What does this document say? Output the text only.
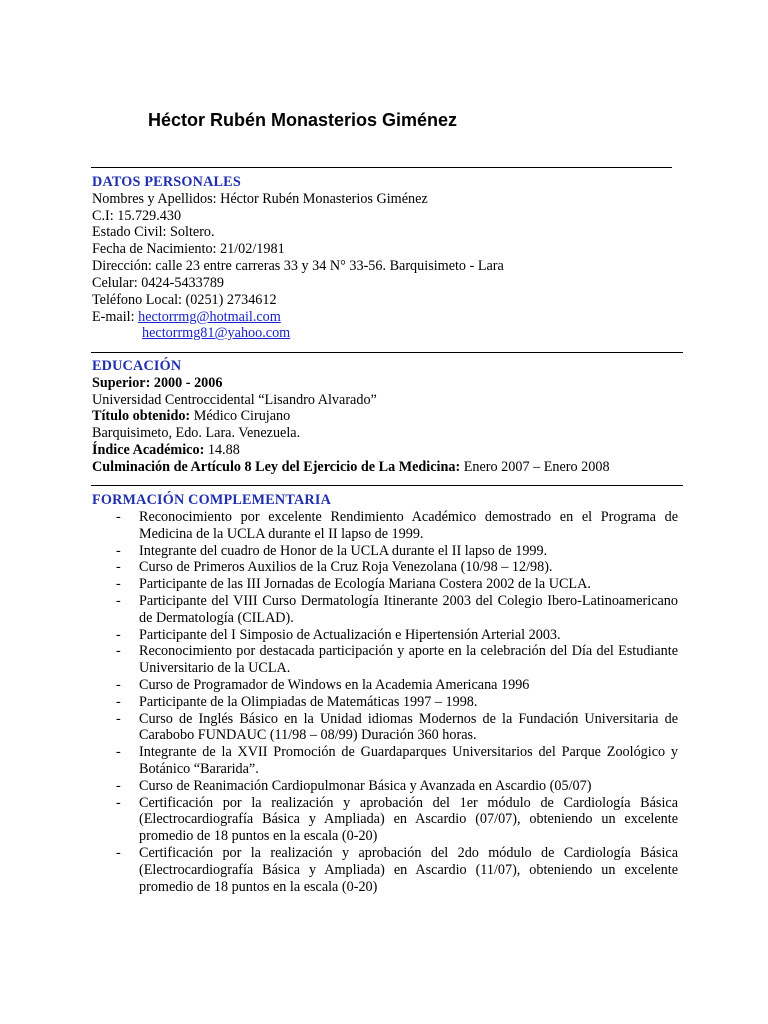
Héctor Rubén Monasterios Giménez
DATOS PERSONALES
Nombres y Apellidos: Héctor Rubén Monasterios Giménez
C.I: 15.729.430
Estado Civil: Soltero.
Fecha de Nacimiento: 21/02/1981
Dirección: calle 23 entre carreras 33 y 34 N° 33-56. Barquisimeto - Lara
Celular: 0424-5433789
Teléfono Local: (0251) 2734612
E-mail: hectorrmg@hotmail.com
hectorrmg81@yahoo.com
EDUCACIÓN
Superior: 2000 - 2006
Universidad Centroccidental “Lisandro Alvarado”
Título obtenido: Médico Cirujano
Barquisimeto, Edo. Lara. Venezuela.
Índice Académico: 14.88
Culminación de Artículo 8 Ley del Ejercicio de La Medicina: Enero 2007 – Enero 2008
FORMACIÓN COMPLEMENTARIA
- Reconocimiento por excelente Rendimiento Académico demostrado en el Programa de Medicina de la UCLA durante el II lapso de 1999.
- Integrante del cuadro de Honor de la UCLA durante el II lapso de 1999.
- Curso de Primeros Auxilios de la Cruz Roja Venezolana (10/98 – 12/98).
- Participante de las III Jornadas de Ecología Mariana Costera 2002 de la UCLA.
- Participante del VIII Curso Dermatología Itinerante 2003 del Colegio Ibero-Latinoamericano de Dermatología (CILAD).
- Participante del I Simposio de Actualización e Hipertensión Arterial 2003.
- Reconocimiento por destacada participación y aporte en la celebración del Día del Estudiante Universitario de la UCLA.
- Curso de Programador de Windows en la Academia Americana 1996
- Participante de la Olimpiadas de Matemáticas 1997 – 1998.
- Curso de Inglés Básico en la Unidad idiomas Modernos de la Fundación Universitaria de Carabobo FUNDAUC (11/98 – 08/99) Duración 360 horas.
- Integrante de la XVII Promoción de Guardaparques Universitarios del Parque Zoológico y Botánico “Bararida”.
- Curso de Reanimación Cardiopulmonar Básica y Avanzada en Ascardio (05/07)
- Certificación por la realización y aprobación del 1er módulo de Cardiología Básica (Electrocardiografía Básica y Ampliada) en Ascardio (07/07), obteniendo un excelente promedio de 18 puntos en la escala (0-20)
- Certificación por la realización y aprobación del 2do módulo de Cardiología Básica (Electrocardiografía Básica y Ampliada) en Ascardio (11/07), obteniendo un excelente promedio de 18 puntos en la escala (0-20)
